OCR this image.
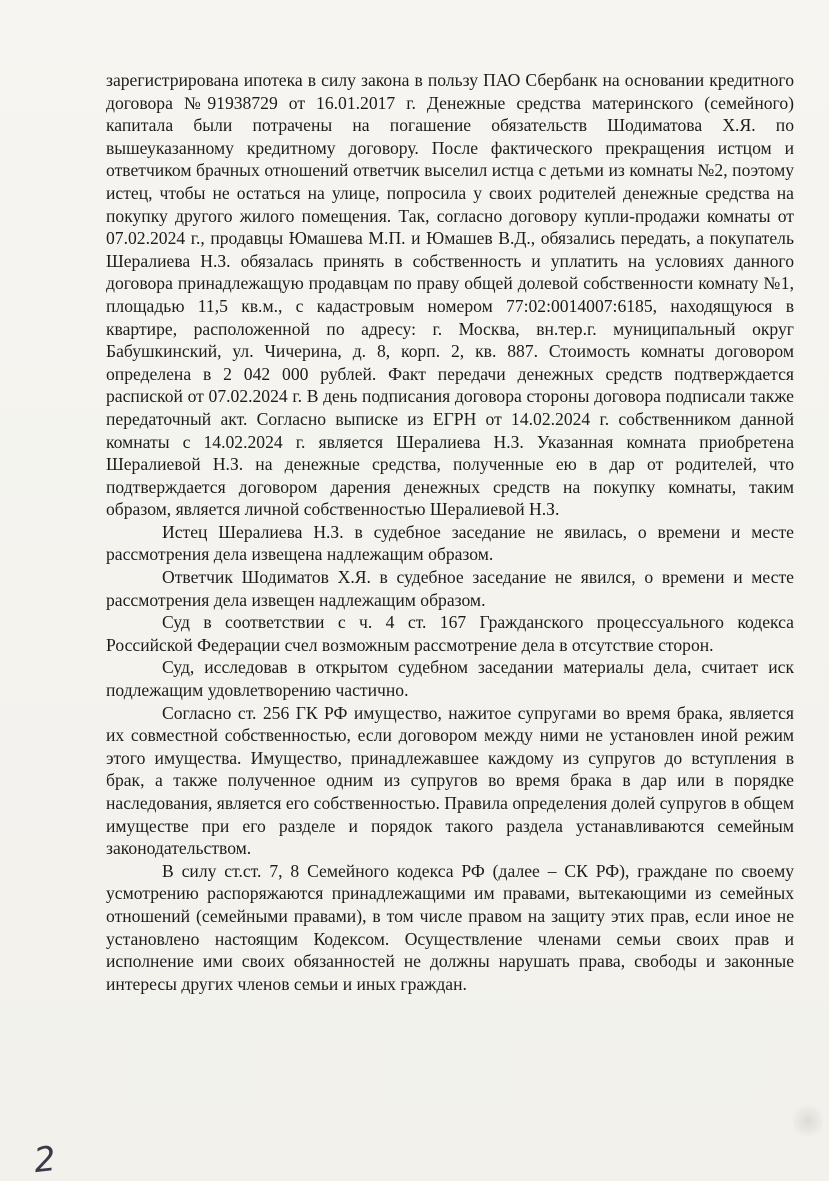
зарегистрирована ипотека в силу закона в пользу ПАО Сбербанк на основании кредитного договора №91938729 от 16.01.2017 г. Денежные средства материнского (семейного) капитала были потрачены на погашение обязательств Шодиматова Х.Я. по вышеуказанному кредитному договору. После фактического прекращения истцом и ответчиком брачных отношений ответчик выселил истца с детьми из комнаты №2, поэтому истец, чтобы не остаться на улице, попросила у своих родителей денежные средства на покупку другого жилого помещения. Так, согласно договору купли-продажи комнаты от 07.02.2024 г., продавцы Юмашева М.П. и Юмашев В.Д., обязались передать, а покупатель Шералиева Н.З. обязалась принять в собственность и уплатить на условиях данного договора принадлежащую продавцам по праву общей долевой собственности комнату №1, площадью 11,5 кв.м., с кадастровым номером 77:02:0014007:6185, находящуюся в квартире, расположенной по адресу: г. Москва, вн.тер.г. муниципальный округ Бабушкинский, ул. Чичерина, д. 8, корп. 2, кв. 887. Стоимость комнаты договором определена в 2 042 000 рублей. Факт передачи денежных средств подтверждается распиской от 07.02.2024 г. В день подписания договора стороны договора подписали также передаточный акт. Согласно выписке из ЕГРН от 14.02.2024 г. собственником данной комнаты с 14.02.2024 г. является Шералиева Н.З. Указанная комната приобретена Шералиевой Н.З. на денежные средства, полученные ею в дар от родителей, что подтверждается договором дарения денежных средств на покупку комнаты, таким образом, является личной собственностью Шералиевой Н.З.

Истец Шералиева Н.З. в судебное заседание не явилась, о времени и месте рассмотрения дела извещена надлежащим образом.

Ответчик Шодиматов Х.Я. в судебное заседание не явился, о времени и месте рассмотрения дела извещен надлежащим образом.

Суд в соответствии с ч. 4 ст. 167 Гражданского процессуального кодекса Российской Федерации счел возможным рассмотрение дела в отсутствие сторон.

Суд, исследовав в открытом судебном заседании материалы дела, считает иск подлежащим удовлетворению частично.

Согласно ст. 256 ГК РФ имущество, нажитое супругами во время брака, является их совместной собственностью, если договором между ними не установлен иной режим этого имущества. Имущество, принадлежавшее каждому из супругов до вступления в брак, а также полученное одним из супругов во время брака в дар или в порядке наследования, является его собственностью. Правила определения долей супругов в общем имуществе при его разделе и порядок такого раздела устанавливаются семейным законодательством.

В силу ст.ст. 7, 8 Семейного кодекса РФ (далее – СК РФ), граждане по своему усмотрению распоряжаются принадлежащими им правами, вытекающими из семейных отношений (семейными правами), в том числе правом на защиту этих прав, если иное не установлено настоящим Кодексом. Осуществление членами семьи своих прав и исполнение ими своих обязанностей не должны нарушать права, свободы и законные интересы других членов семьи и иных граждан.

2
